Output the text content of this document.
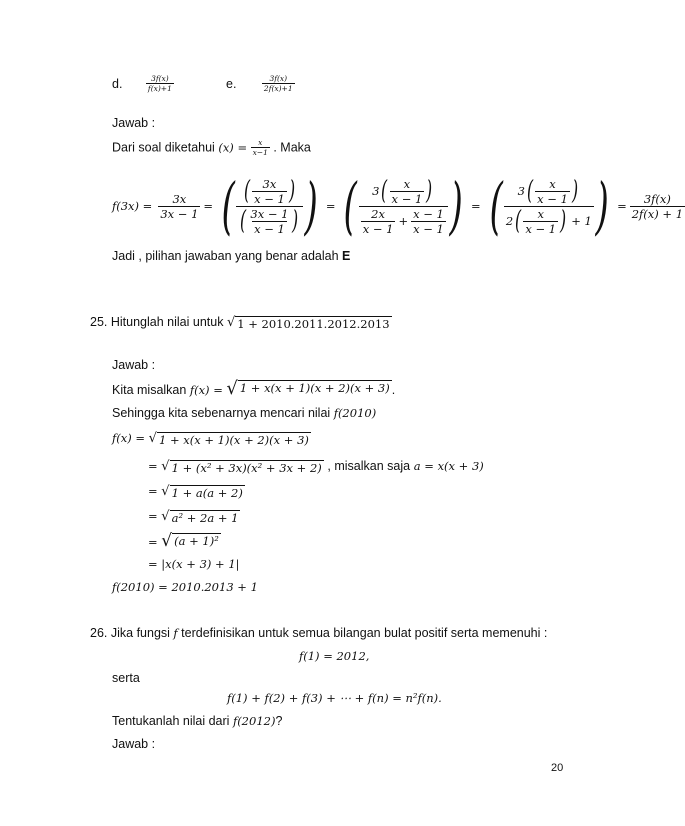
d.	$\frac{\text{3𝑓(𝑥)}}{\text{𝑓(𝑥)+1}}$	e.	$\frac{\text{3𝑓(𝑥)}}{\text{2𝑓(𝑥)+1}}$
Jawab :
Dari soal diketahui (𝑥) = $\frac{\text{𝑥}}{\text{𝑥−1}}$ . Maka
𝑓(3𝑥) = $\frac{\text{3𝑥}}{\text{3𝑥 − 1}}$ = ( $\frac{( \frac{\text{3𝑥}}{\text{𝑥 − 1}} )}{( \frac{\text{3𝑥 − 1}}{\text{𝑥 − 1}} )}$ ) = ( $\frac{3 ( \frac{\text{𝑥}}{\text{𝑥 − 1}} )}{\frac{\text{2𝑥}}{\text{𝑥 − 1}} + \frac{\text{𝑥 − 1}}{\text{𝑥 − 1}}}$ ) = ( $\frac{3 ( \frac{\text{𝑥}}{\text{𝑥 − 1}} )}{2 ( \frac{\text{𝑥}}{\text{𝑥 − 1}} ) + 1}$ ) = $\frac{\text{3𝑓(𝑥)}}{\text{2𝑓(𝑥) + 1}}$
Jadi , pilihan jawaban yang benar adalah E
25. Hitunglah nilai untuk √ 1 + 2010.2011.2012.2013
Jawab :
Kita misalkan 𝑓(𝑥) = √ 1 + 𝑥(𝑥 + 1)(𝑥 + 2)(𝑥 + 3) .
Sehingga kita sebenarnya mencari nilai 𝑓(2010)
𝑓(𝑥) = √ 1 + 𝑥(𝑥 + 1)(𝑥 + 2)(𝑥 + 3)
= √ 1 + (𝑥² + 3𝑥)(𝑥² + 3𝑥 + 2) , misalkan saja 𝑎 = 𝑥(𝑥 + 3)
= √ 1 + 𝑎(𝑎 + 2)
= √ 𝑎² + 2𝑎 + 1
= √ (𝑎 + 1)²
= |𝑥(𝑥 + 3) + 1|
𝑓(2010) = 2010.2013 + 1
26. Jika fungsi 𝑓 terdefinisikan untuk semua bilangan bulat positif serta memenuhi :
𝑓(1) = 2012,
serta
𝑓(1) + 𝑓(2) + 𝑓(3) + ⋯ + 𝑓(𝑛) = 𝑛²𝑓(𝑛).
Tentukanlah nilai dari 𝑓(2012)?
Jawab :
20
